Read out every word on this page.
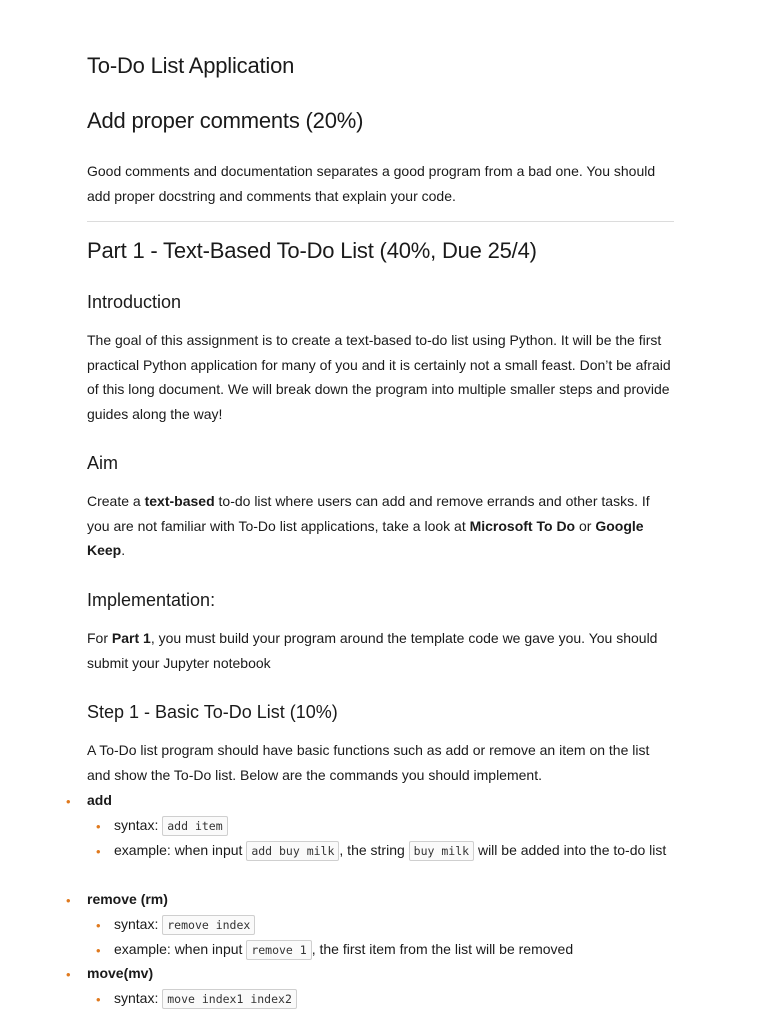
To-Do List Application
Add proper comments (20%)
Good comments and documentation separates a good program from a bad one. You should add proper docstring and comments that explain your code.
Part 1 - Text-Based To-Do List (40%, Due 25/4)
Introduction
The goal of this assignment is to create a text-based to-do list using Python. It will be the first practical Python application for many of you and it is certainly not a small feast. Don’t be afraid of this long document. We will break down the program into multiple smaller steps and provide guides along the way!
Aim
Create a text-based to-do list where users can add and remove errands and other tasks. If you are not familiar with To-Do list applications, take a look at Microsoft To Do or Google Keep.
Implementation:
For Part 1, you must build your program around the template code we gave you. You should submit your Jupyter notebook
Step 1 - Basic To-Do List (10%)
A To-Do list program should have basic functions such as add or remove an item on the list and show the To-Do list. Below are the commands you should implement.
• add
• syntax: add item
• example: when input add buy milk , the string buy milk will be added into the to-do list
• remove (rm)
• syntax: remove index
• example: when input remove 1 , the first item from the list will be removed
• move(mv)
• syntax: move index1 index2
